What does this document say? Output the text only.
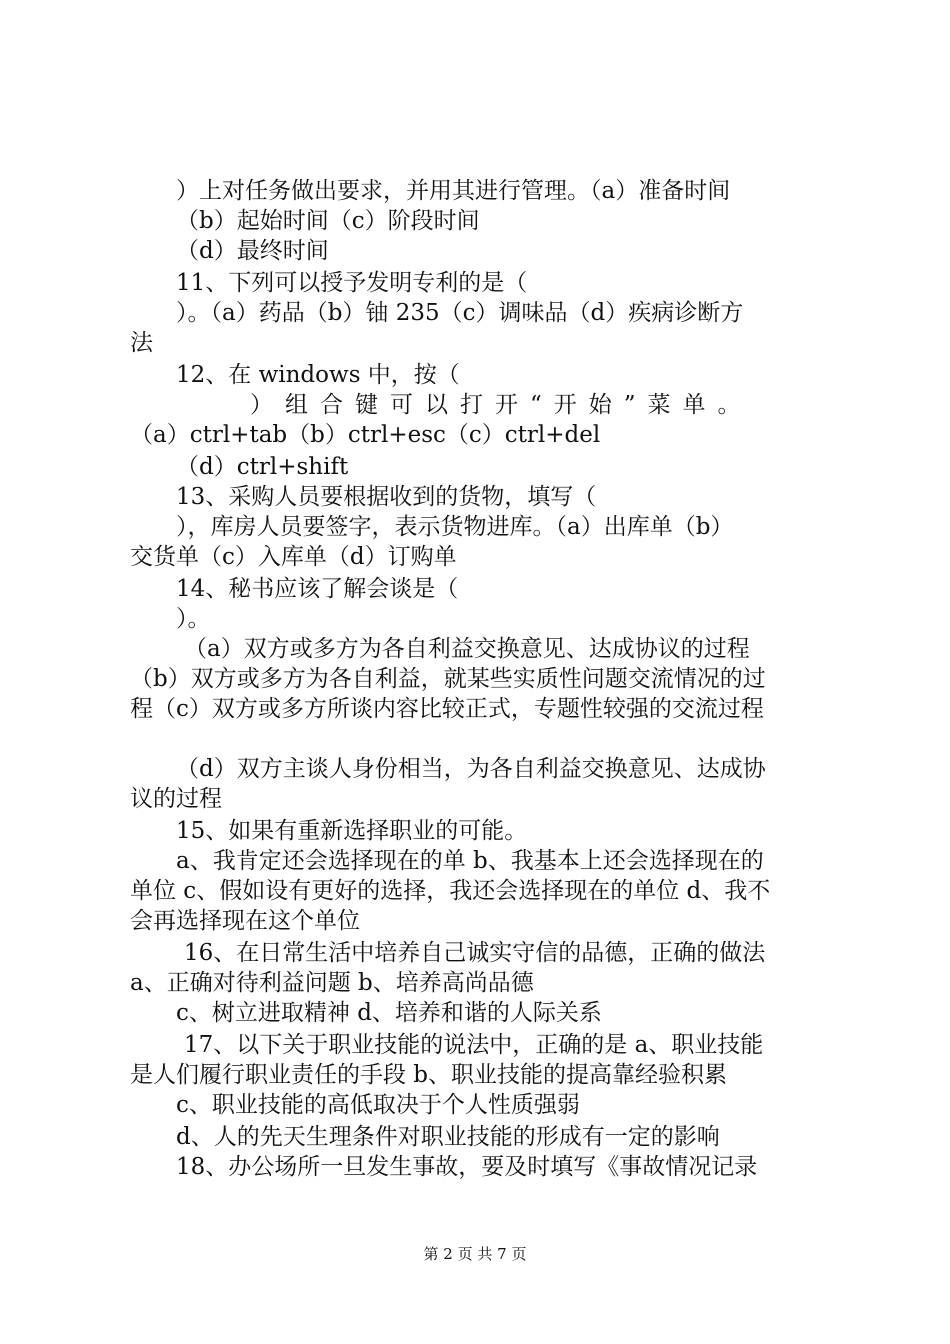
）上对任务做出要求，并用其进行管理。（a）准备时间
（b）起始时间（c）阶段时间
（d）最终时间
11、下列可以授予发明专利的是（
）。（a）药品（b）铀 235（c）调味品（d）疾病诊断方
法
12、在 windows 中，按（
）组合键可以打开“开始”菜单。
（a）ctrl+tab（b）ctrl+esc（c）ctrl+del
（d）ctrl+shift
13、采购人员要根据收到的货物，填写（
），库房人员要签字，表示货物进库。（a）出库单（b）
交货单（c）入库单（d）订购单
14、秘书应该了解会谈是（
）。
（a）双方或多方为各自利益交换意见、达成协议的过程
（b）双方或多方为各自利益，就某些实质性问题交流情况的过
程（c）双方或多方所谈内容比较正式，专题性较强的交流过程
（d）双方主谈人身份相当，为各自利益交换意见、达成协
议的过程
15、如果有重新选择职业的可能。
a、我肯定还会选择现在的单 b、我基本上还会选择现在的
单位 c、假如设有更好的选择，我还会选择现在的单位 d、我不
会再选择现在这个单位
16、在日常生活中培养自己诚实守信的品德，正确的做法
a、正确对待利益问题 b、培养高尚品德
c、树立进取精神 d、培养和谐的人际关系
17、以下关于职业技能的说法中，正确的是 a、职业技能
是人们履行职业责任的手段 b、职业技能的提高靠经验积累
c、职业技能的高低取决于个人性质强弱
d、人的先天生理条件对职业技能的形成有一定的影响
18、办公场所一旦发生事故，要及时填写《事故情况记录
第 2 页 共 7 页
